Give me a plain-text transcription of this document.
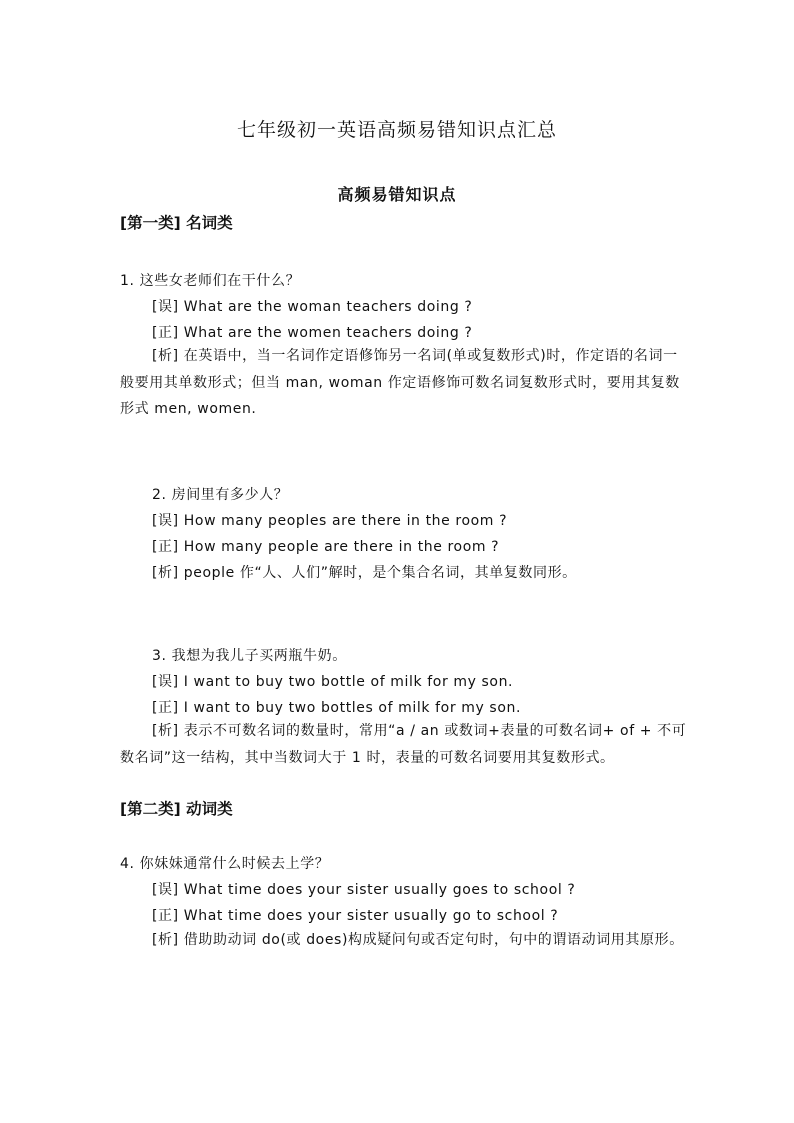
七年级初一英语高频易错知识点汇总
高频易错知识点
[第一类] 名词类
1. 这些女老师们在干什么？
[误] What are the woman teachers doing ?
[正] What are the women teachers doing ?
[析] 在英语中，当一名词作定语修饰另一名词(单或复数形式)时，作定语的名词一般要用其单数形式；但当 man, woman 作定语修饰可数名词复数形式时，要用其复数形式 men, women.
2. 房间里有多少人？
[误] How many peoples are there in the room ?
[正] How many people are there in the room ?
[析] people 作“人、人们”解时，是个集合名词，其单复数同形。
3. 我想为我儿子买两瓶牛奶。
[误] I want to buy two bottle of milk for my son.
[正] I want to buy two bottles of milk for my son.
[析] 表示不可数名词的数量时，常用“a / an 或数词+表量的可数名词+ of + 不可数名词”这一结构，其中当数词大于 1 时，表量的可数名词要用其复数形式。
[第二类] 动词类
4. 你妹妹通常什么时候去上学？
[误] What time does your sister usually goes to school ?
[正] What time does your sister usually go to school ?
[析] 借助助动词 do(或 does)构成疑问句或否定句时，句中的谓语动词用其原形。
